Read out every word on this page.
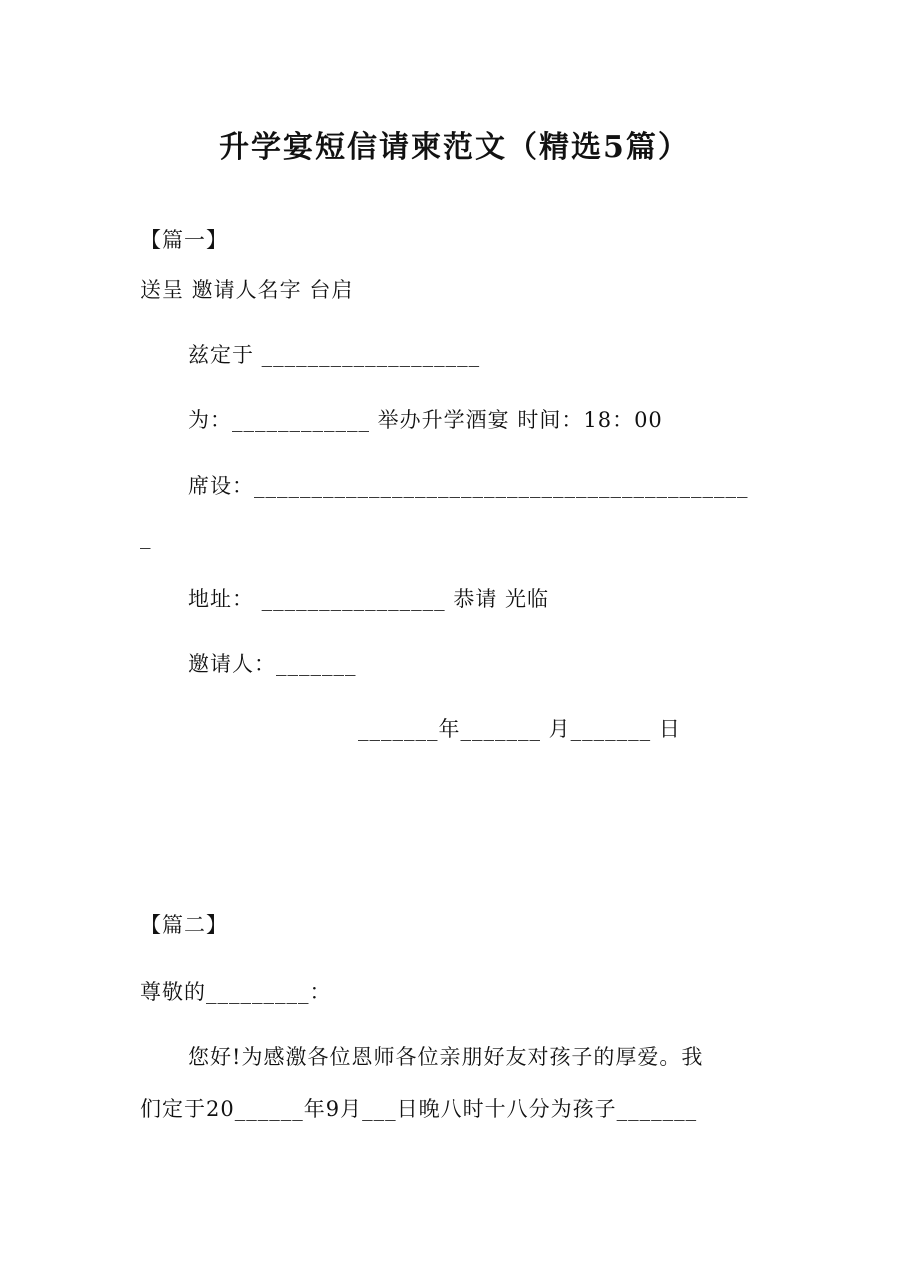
升学宴短信请柬范文（精选5篇）
【篇一】
送呈 邀请人名字 台启
兹定于 ___________________
为：____________ 举办升学酒宴 时间：18：00
席设：___________________________________________
_
地址： ________________ 恭请 光临
邀请人：_______
_______年_______ 月_______ 日
【篇二】
尊敬的_________：
您好!为感激各位恩师各位亲朋好友对孩子的厚爱。我
们定于20______年9月___日晚八时十八分为孩子_______
